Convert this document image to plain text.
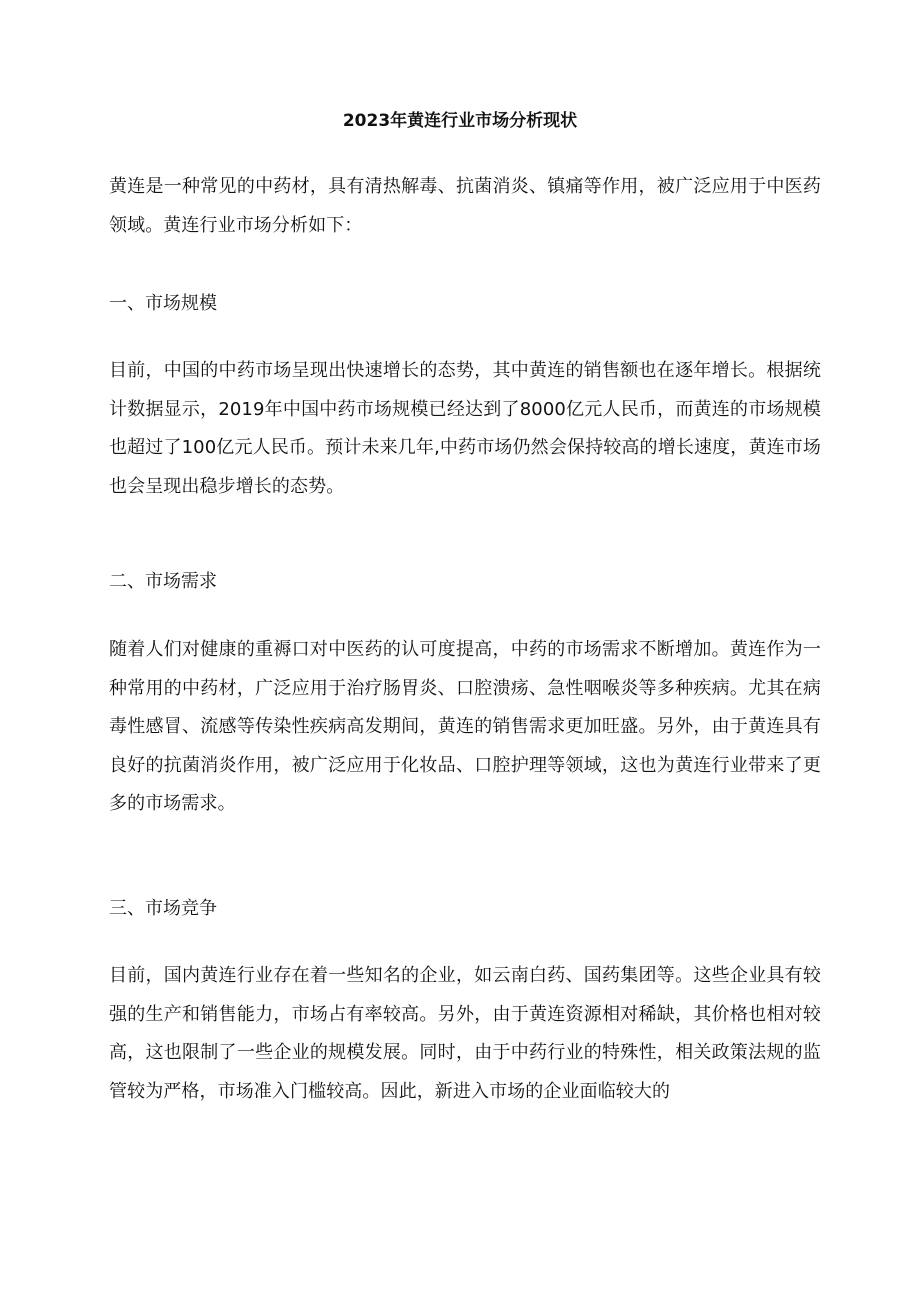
2023年黄连行业市场分析现状

黄连是一种常见的中药材，具有清热解毒、抗菌消炎、镇痛等作用，被广泛应用于中医药领域。黄连行业市场分析如下：

一、市场规模

目前，中国的中药市场呈现出快速增长的态势，其中黄连的销售额也在逐年增长。根据统计数据显示，2019年中国中药市场规模已经达到了8000亿元人民币，而黄连的市场规模也超过了100亿元人民币。预计未来几年,中药市场仍然会保持较高的增长速度，黄连市场也会呈现出稳步增长的态势。

二、市场需求

随着人们对健康的重褥口对中医药的认可度提高，中药的市场需求不断增加。黄连作为一种常用的中药材，广泛应用于治疗肠胃炎、口腔溃疡、急性咽喉炎等多种疾病。尤其在病毒性感冒、流感等传染性疾病高发期间，黄连的销售需求更加旺盛。另外，由于黄连具有良好的抗菌消炎作用，被广泛应用于化妆品、口腔护理等领域，这也为黄连行业带来了更多的市场需求。

三、市场竞争

目前，国内黄连行业存在着一些知名的企业，如云南白药、国药集团等。这些企业具有较强的生产和销售能力，市场占有率较高。另外，由于黄连资源相对稀缺，其价格也相对较高，这也限制了一些企业的规模发展。同时，由于中药行业的特殊性，相关政策法规的监管较为严格，市场准入门槛较高。因此，新进入市场的企业面临较大的
